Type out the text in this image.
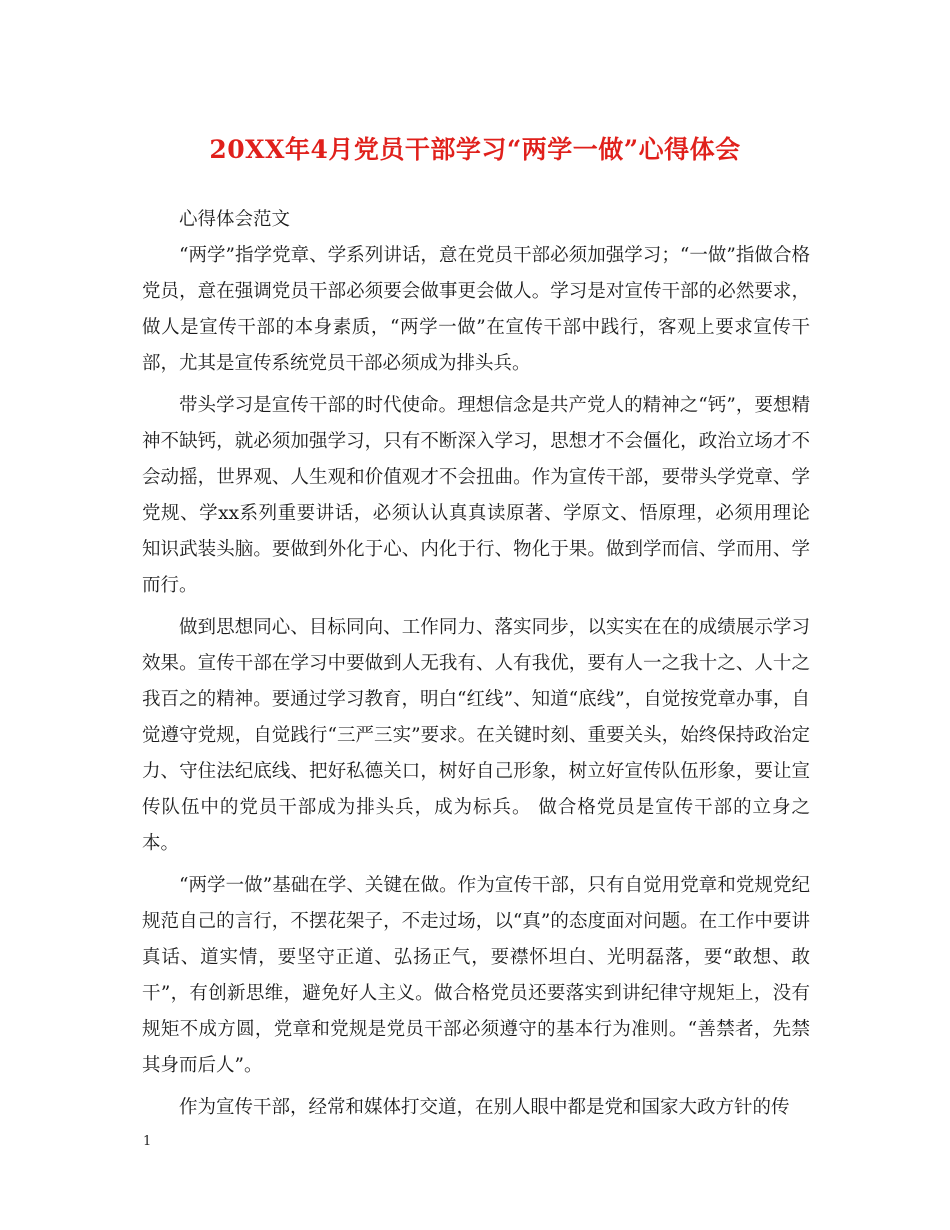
20XX年4月党员干部学习“两学一做”心得体会

心得体会范文

“两学”指学党章、学系列讲话，意在党员干部必须加强学习；“一做”指做合格党员，意在强调党员干部必须要会做事更会做人。学习是对宣传干部的必然要求，做人是宣传干部的本身素质，“两学一做”在宣传干部中践行，客观上要求宣传干部，尤其是宣传系统党员干部必须成为排头兵。

带头学习是宣传干部的时代使命。理想信念是共产党人的精神之“钙”，要想精神不缺钙，就必须加强学习，只有不断深入学习，思想才不会僵化，政治立场才不会动摇，世界观、人生观和价值观才不会扭曲。作为宣传干部，要带头学党章、学党规、学xx系列重要讲话，必须认认真真读原著、学原文、悟原理，必须用理论知识武装头脑。要做到外化于心、内化于行、物化于果。做到学而信、学而用、学而行。

做到思想同心、目标同向、工作同力、落实同步，以实实在在的成绩展示学习效果。宣传干部在学习中要做到人无我有、人有我优，要有人一之我十之、人十之我百之的精神。要通过学习教育，明白“红线”、知道“底线”，自觉按党章办事，自觉遵守党规，自觉践行“三严三实”要求。在关键时刻、重要关头，始终保持政治定力、守住法纪底线、把好私德关口，树好自己形象，树立好宣传队伍形象，要让宣传队伍中的党员干部成为排头兵，成为标兵。 做合格党员是宣传干部的立身之本。

“两学一做”基础在学、关键在做。作为宣传干部，只有自觉用党章和党规党纪规范自己的言行，不摆花架子，不走过场，以“真”的态度面对问题。在工作中要讲真话、道实情，要坚守正道、弘扬正气，要襟怀坦白、光明磊落，要“敢想、敢干”，有创新思维，避免好人主义。做合格党员还要落实到讲纪律守规矩上，没有规矩不成方圆，党章和党规是党员干部必须遵守的基本行为准则。“善禁者，先禁其身而后人”。

作为宣传干部，经常和媒体打交道，在别人眼中都是党和国家大政方针的传

1
